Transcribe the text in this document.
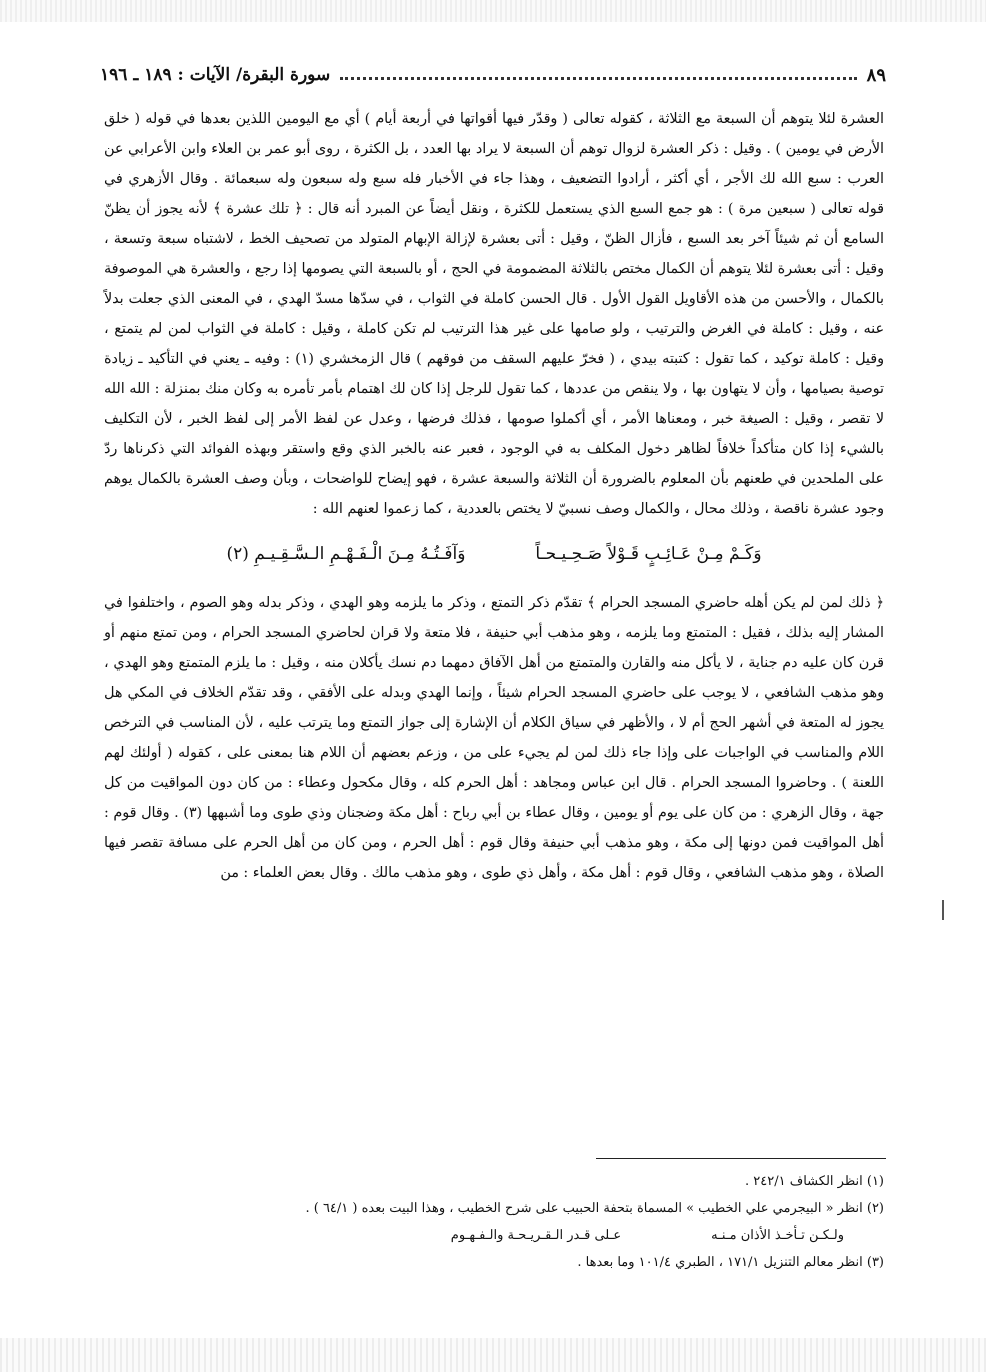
سورة البقرة/ الآيات : ١٨٩ ـ ١٩٦	٨٩

العشرة لئلا يتوهم أن السبعة مع الثلاثة ، كقوله تعالى ( وقدّر فيها أقواتها في أربعة أيام ) أي مع اليومين اللذين بعدها في قوله ( خلق الأرض في يومين ) . وقيل : ذكر العشرة لزوال توهم أن السبعة لا يراد بها العدد ، بل الكثرة ، روى أبو عمر بن العلاء وابن الأعرابي عن العرب : سبع الله لك الأجر ، أي أكثر ، أرادوا التضعيف ، وهذا جاء في الأخبار فله سبع وله سبعون وله سبعمائة . وقال الأزهري في قوله تعالى ( سبعين مرة ) : هو جمع السبع الذي يستعمل للكثرة ، ونقل أيضاً عن المبرد أنه قال : ﴿ تلك عشرة ﴾ لأنه يجوز أن يظنّ السامع أن ثم شيئاً آخر بعد السبع ، فأزال الظنّ ، وقيل : أتى بعشرة لإزالة الإبهام المتولد من تصحيف الخط ، لاشتباه سبعة وتسعة ، وقيل : أتى بعشرة لئلا يتوهم أن الكمال مختص بالثلاثة المضمومة في الحج ، أو بالسبعة التي يصومها إذا رجع ، والعشرة هي الموصوفة بالكمال ، والأحسن من هذه الأقاويل القول الأول . قال الحسن كاملة في الثواب ، في سدّها مسدّ الهدي ، في المعنى الذي جعلت بدلاً عنه ، وقيل : كاملة في الغرض والترتيب ، ولو صامها على غير هذا الترتيب لم تكن كاملة ، وقيل : كاملة في الثواب لمن لم يتمتع ، وقيل : كاملة توكيد ، كما تقول : كتبته بيدي ، ( فخرّ عليهم السقف من فوقهم ) قال الزمخشري (١) : وفيه ـ يعني في التأكيد ـ زيادة توصية بصيامها ، وأن لا يتهاون بها ، ولا ينقص من عددها ، كما تقول للرجل إذا كان لك اهتمام بأمر تأمره به وكان منك بمنزلة : الله الله لا تقصر ، وقيل : الصيغة خبر ، ومعناها الأمر ، أي أكملوا صومها ، فذلك فرضها ، وعدل عن لفظ الأمر إلى لفظ الخبر ، لأن التكليف بالشيء إذا كان متأكداً خلافاً لظاهر دخول المكلف به في الوجود ، فعبر عنه بالخبر الذي وقع واستقر وبهذه الفوائد التي ذكرناها ردّ على الملحدين في طعنهم بأن المعلوم بالضرورة أن الثلاثة والسبعة عشرة ، فهو إيضاح للواضحات ، وبأن وصف العشرة بالكمال يوهم وجود عشرة ناقصة ، وذلك محال ، والكمال وصف نسبيّ لا يختص بالعددية ، كما زعموا لعنهم الله :

وَكَـمْ مِـنْ عَـائِـبٍ قَـوْلاً صَـحِـيـحـاً
وَآفَـتُـهُ مِـنَ الْـفَـهْـمِ الـسَّـقِـيـمِ (٢)

﴿ ذلك لمن لم يكن أهله حاضري المسجد الحرام ﴾ تقدّم ذكر التمتع ، وذكر ما يلزمه وهو الهدي ، وذكر بدله وهو الصوم ، واختلفوا في المشار إليه بذلك ، فقيل : المتمتع وما يلزمه ، وهو مذهب أبي حنيفة ، فلا متعة ولا قران لحاضري المسجد الحرام ، ومن تمتع منهم أو قرن كان عليه دم جناية ، لا يأكل منه والقارن والمتمتع من أهل الآفاق دمهما دم نسك يأكلان منه ، وقيل : ما يلزم المتمتع وهو الهدي ، وهو مذهب الشافعي ، لا يوجب على حاضري المسجد الحرام شيئاً ، وإنما الهدي وبدله على الأفقي ، وقد تقدّم الخلاف في المكي هل يجوز له المتعة في أشهر الحج أم لا ، والأظهر في سياق الكلام أن الإشارة إلى جواز التمتع وما يترتب عليه ، لأن المناسب في الترخص اللام والمناسب في الواجبات على وإذا جاء ذلك لمن لم يجيء على من ، وزعم بعضهم أن اللام هنا بمعنى على ، كقوله ( أولئك لهم اللعنة ) . وحاضروا المسجد الحرام . قال ابن عباس ومجاهد : أهل الحرم كله ، وقال مكحول وعطاء : من كان دون المواقيت من كل جهة ، وقال الزهري : من كان على يوم أو يومين ، وقال عطاء بن أبي رباح : أهل مكة وضجنان وذي طوى وما أشبهها (٣) . وقال قوم : أهل المواقيت فمن دونها إلى مكة ، وهو مذهب أبي حنيفة وقال قوم : أهل الحرم ، ومن كان من أهل الحرم على مسافة تقصر فيها الصلاة ، وهو مذهب الشافعي ، وقال قوم : أهل مكة ، وأهل ذي طوى ، وهو مذهب مالك . وقال بعض العلماء : من

(١) انظر الكشاف ٢٤٢/١ .

(٢) انظر « البيجرمي علي الخطيب » المسماة بتحفة الحبيب على شرح الخطيب ، وهذا البيت بعده ( ٦٤/١ ) .

ولـكـن تـأخـذ الأذان مـنـه
عـلى قـدر الـقـريـحـة والـفـهـوم

(٣) انظر معالم التنزيل ١٧١/١ ، الطبري ١٠١/٤ وما بعدها .
